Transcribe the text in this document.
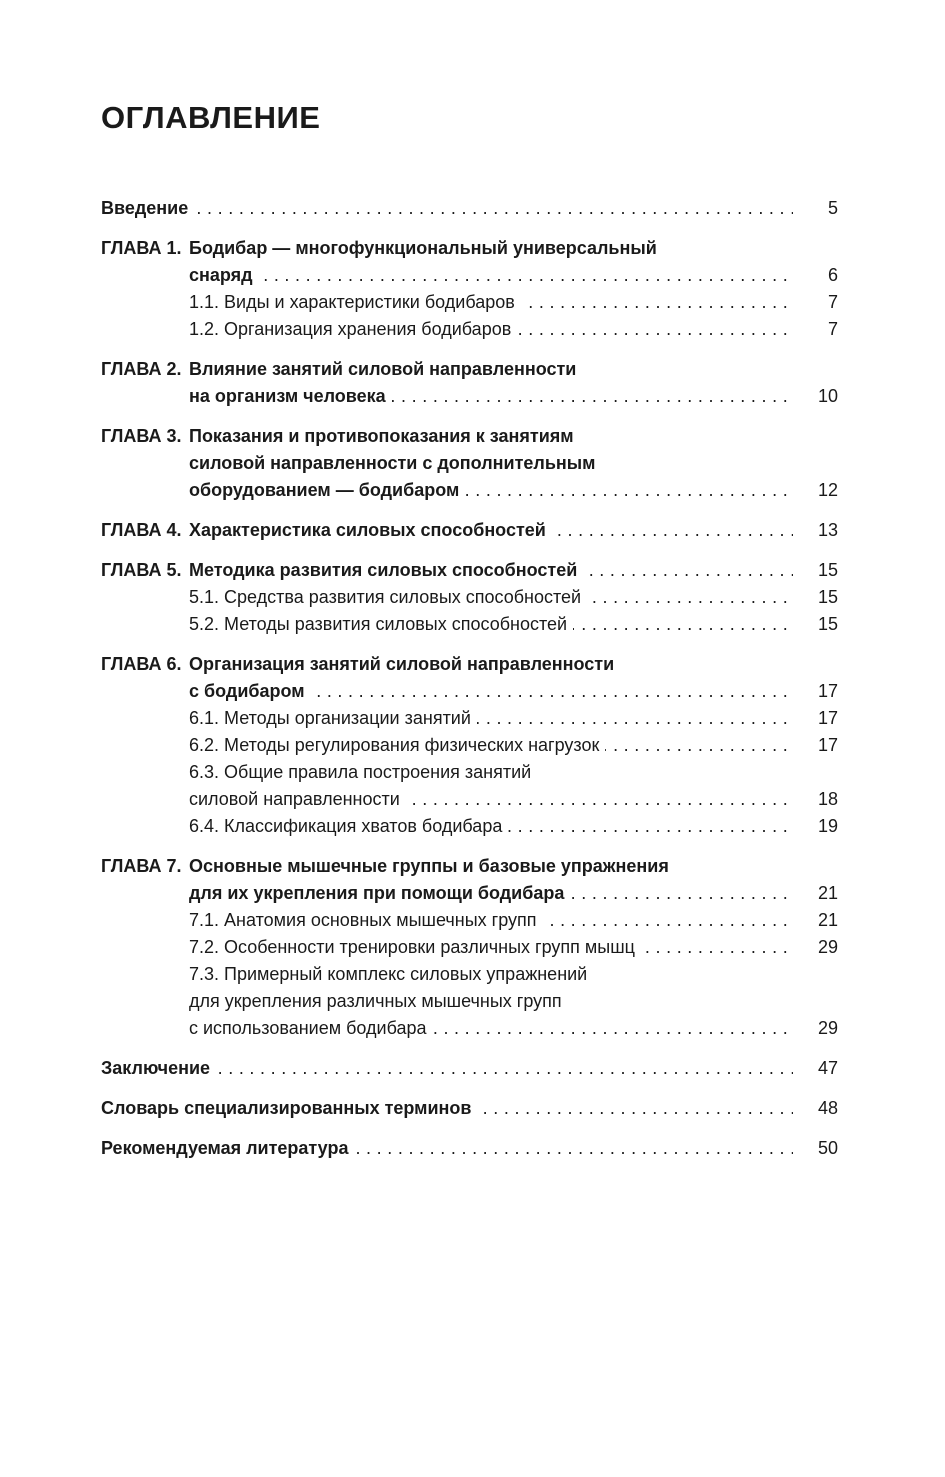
ОГЛАВЛЕНИЕ
Введение . . .	5
ГЛАВА 1. Бодибар — многофункциональный универсальный
снаряд . . .	6
1.1. Виды и характеристики бодибаров . . .	7
1.2. Организация хранения бодибаров . . .	7
ГЛАВА 2. Влияние занятий силовой направленности
на организм человека . . .	10
ГЛАВА 3. Показания и противопоказания к занятиям
силовой направленности с дополнительным
оборудованием — бодибаром . . .	12
ГЛАВА 4. Характеристика силовых способностей . . .	13
ГЛАВА 5. Методика развития силовых способностей . . .	15
5.1. Средства развития силовых способностей . . .	15
5.2. Методы развития силовых способностей . . .	15
ГЛАВА 6. Организация занятий силовой направленности
с бодибаром . . .	17
6.1. Методы организации занятий . . .	17
6.2. Методы регулирования физических нагрузок . . .	17
6.3. Общие правила построения занятий
силовой направленности . . .	18
6.4. Классификация хватов бодибара . . .	19
ГЛАВА 7. Основные мышечные группы и базовые упражнения
для их укрепления при помощи бодибара . . .	21
7.1. Анатомия основных мышечных групп . . .	21
7.2. Особенности тренировки различных групп мышц . . .	29
7.3. Примерный комплекс силовых упражнений
для укрепления различных мышечных групп
с использованием бодибара . . .	29
Заключение . . .	47
Словарь специализированных терминов . . .	48
Рекомендуемая литература . . .	50
